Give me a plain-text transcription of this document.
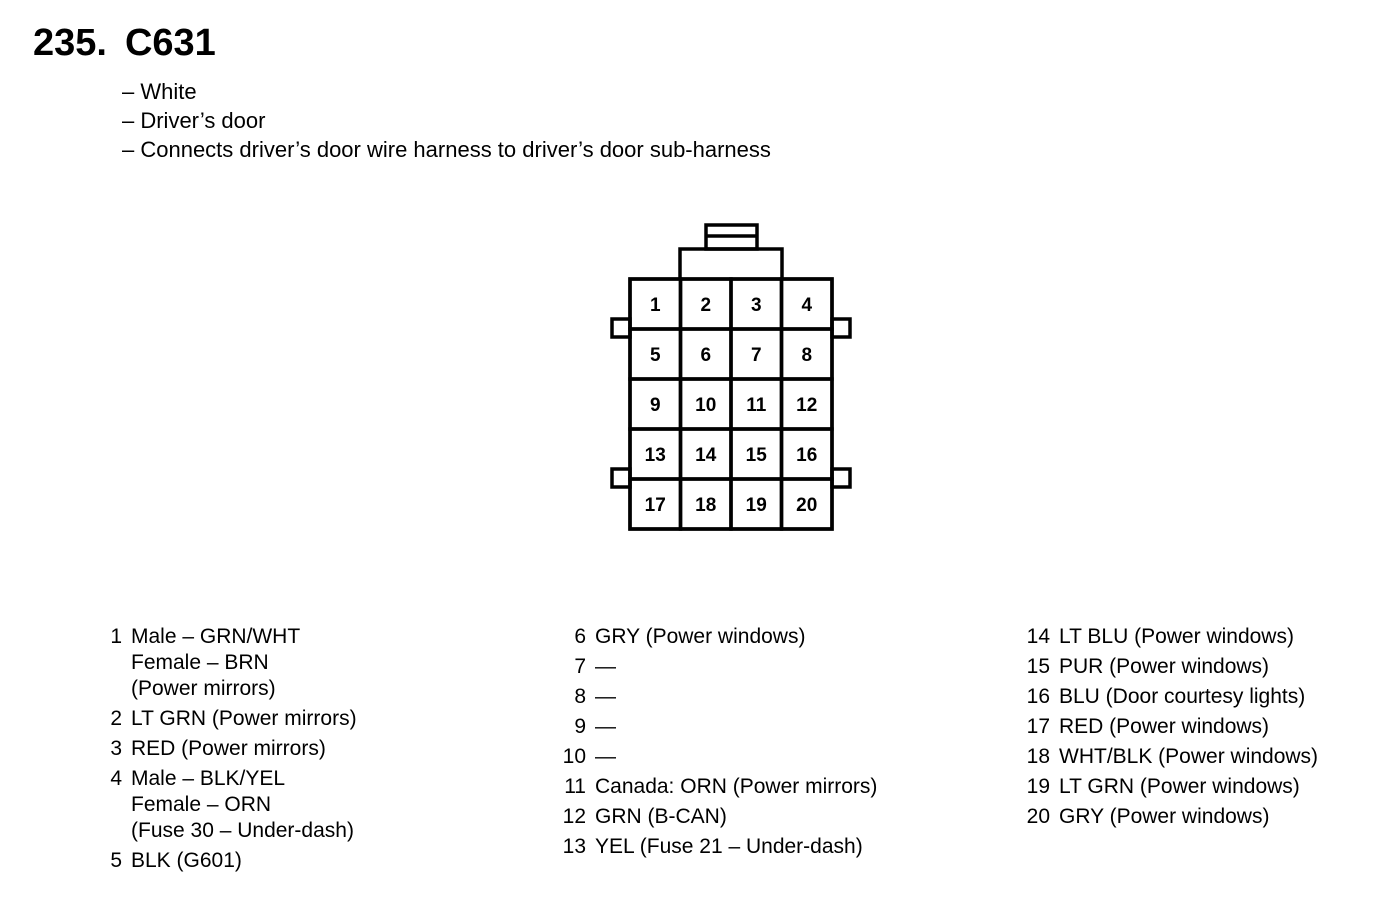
235. C631
– White
– Driver’s door
– Connects driver’s door wire harness to driver’s door sub-harness
1 2 3 4
5 6 7 8
9 10 11 12
13 14 15 16
17 18 19 20
1 Male – GRN/WHT
Female – BRN
(Power mirrors)
2 LT GRN (Power mirrors)
3 RED (Power mirrors)
4 Male – BLK/YEL
Female – ORN
(Fuse 30 – Under-dash)
5 BLK (G601)
6 GRY (Power windows)
7 —
8 —
9 —
10 —
11 Canada: ORN (Power mirrors)
12 GRN (B-CAN)
13 YEL (Fuse 21 – Under-dash)
14 LT BLU (Power windows)
15 PUR (Power windows)
16 BLU (Door courtesy lights)
17 RED (Power windows)
18 WHT/BLK (Power windows)
19 LT GRN (Power windows)
20 GRY (Power windows)
